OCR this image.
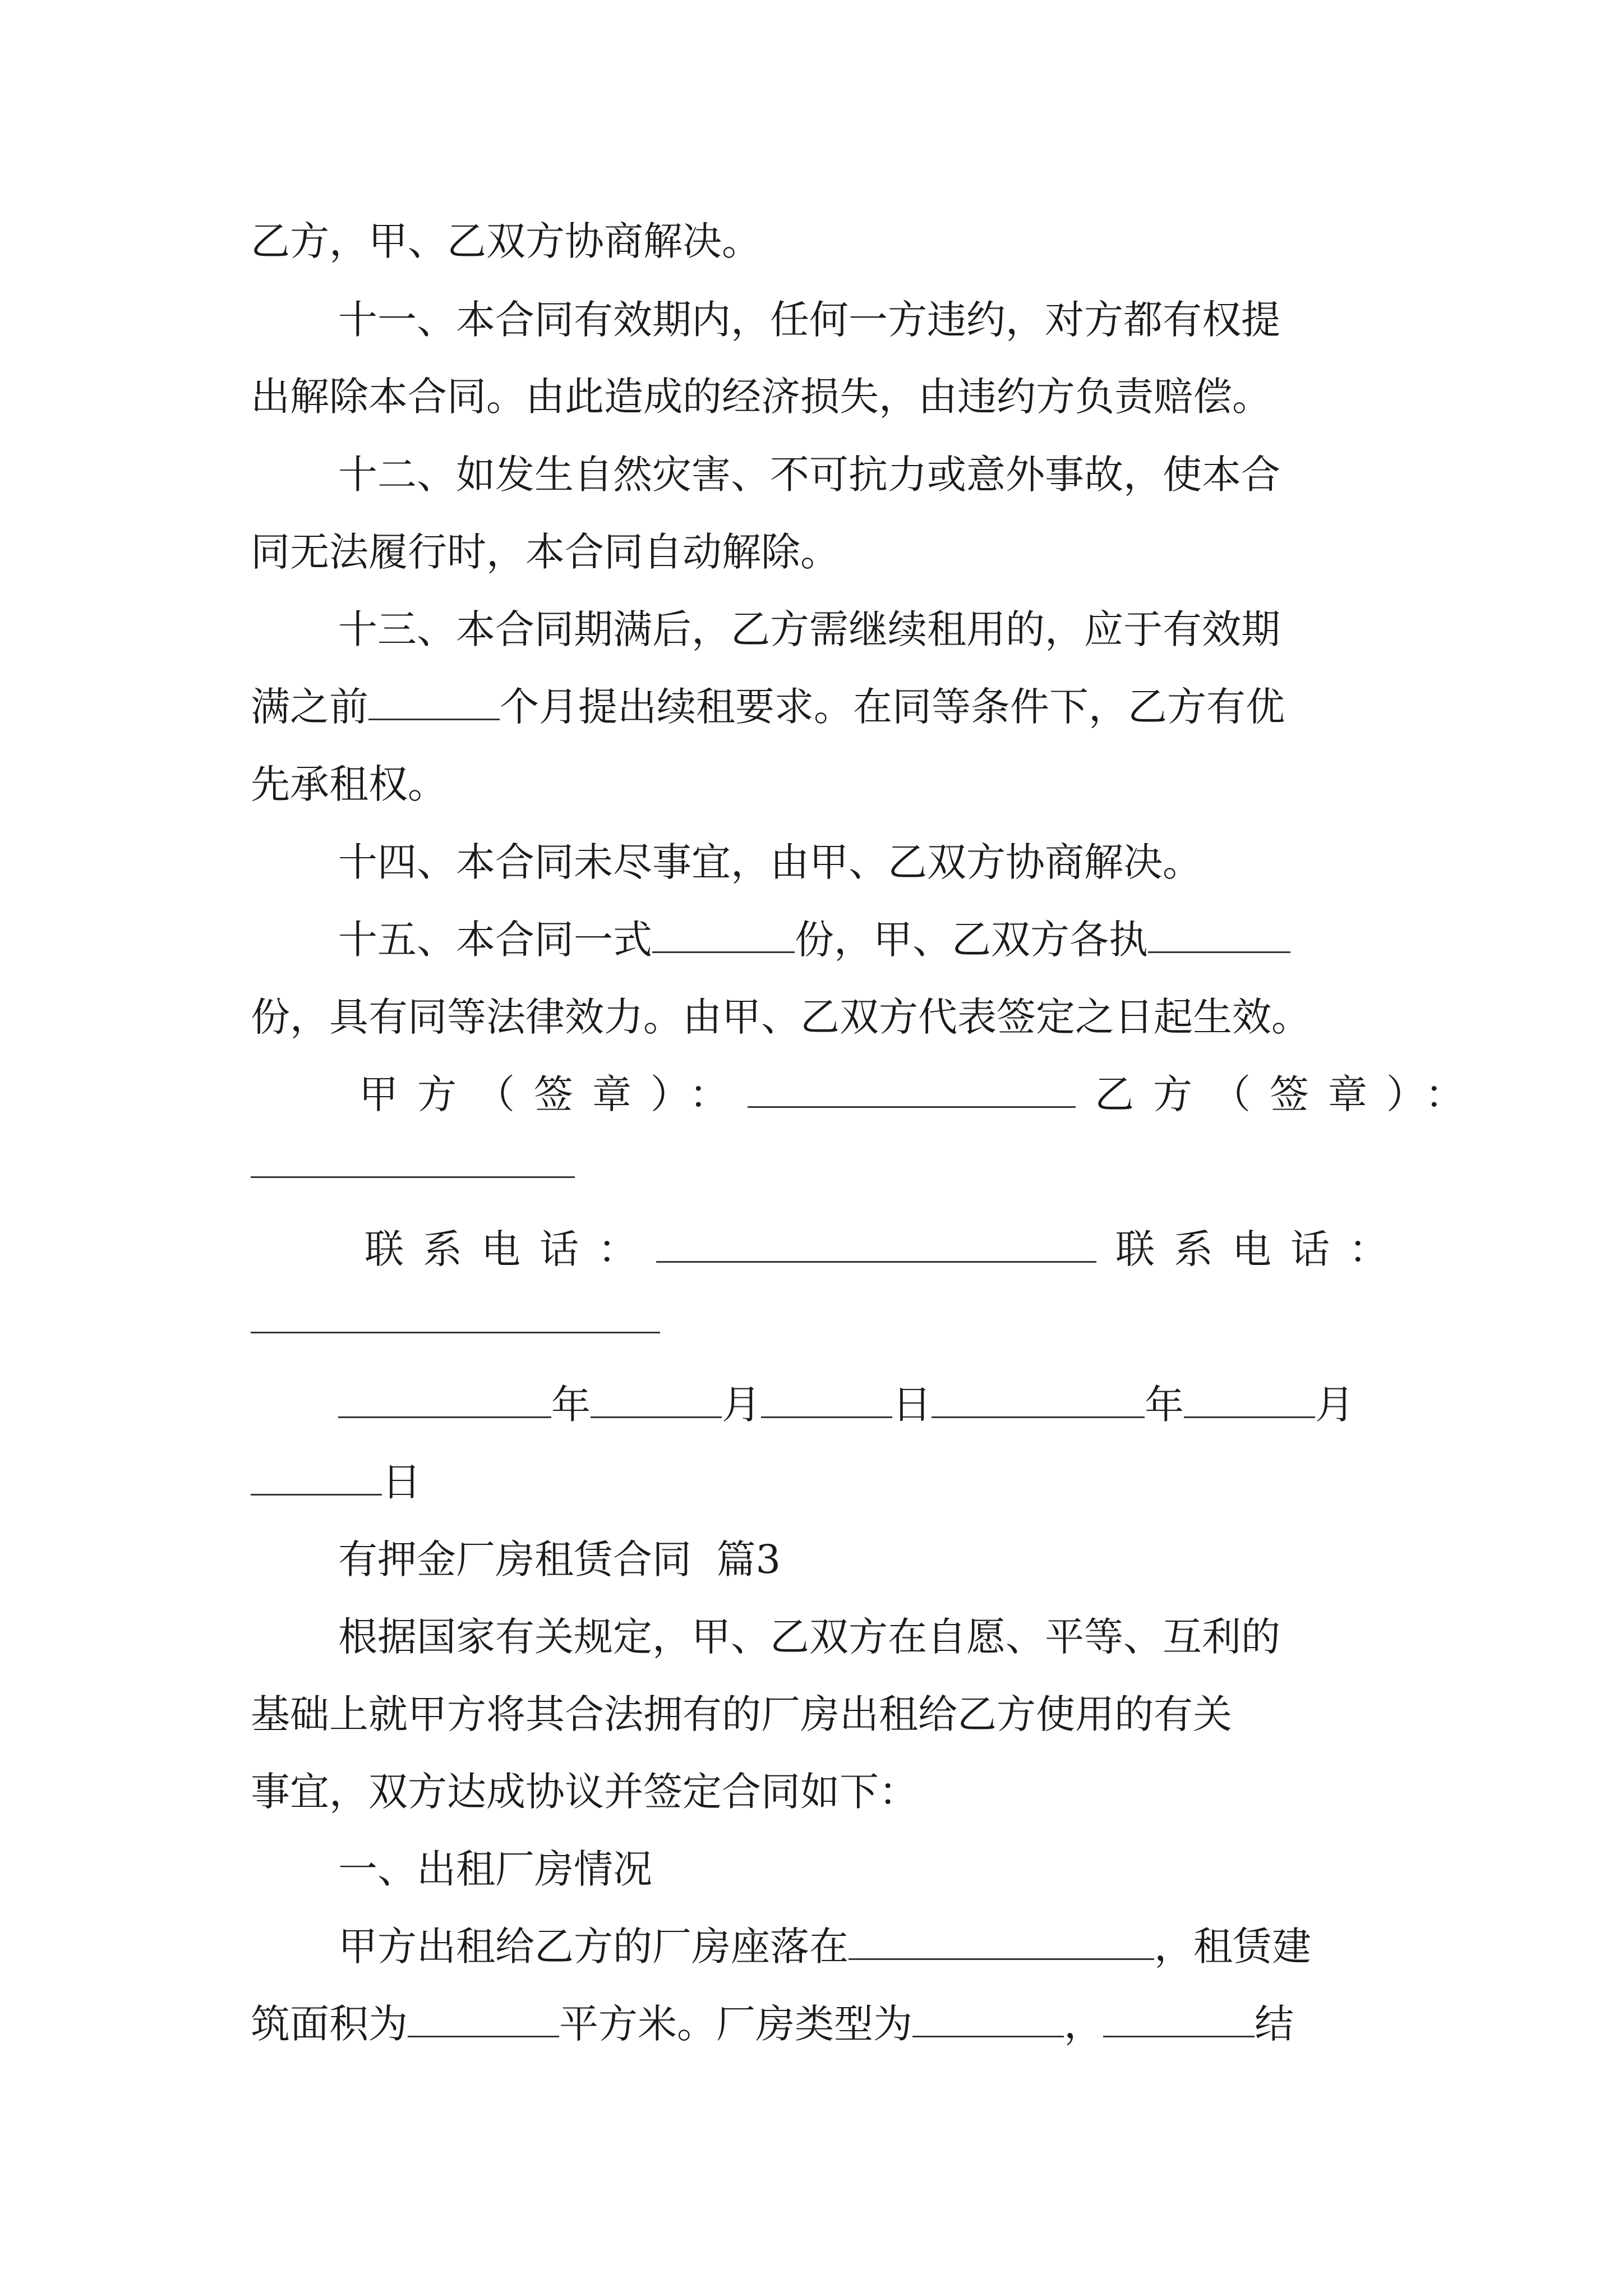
乙方，甲、乙双方协商解决。
十一、本合同有效期内，任何一方违约，对方都有权提
出解除本合同。由此造成的经济损失，由违约方负责赔偿。
十二、如发生自然灾害、不可抗力或意外事故，使本合
同无法履行时，本合同自动解除。
十三、本合同期满后，乙方需继续租用的，应于有效期
满之前	个月提出续租要求。在同等条件下，乙方有优
先承租权。
十四、本合同未尽事宜，由甲、乙双方协商解决。
十五、本合同一式	份，甲、乙双方各执
份，具有同等法律效力。由甲、乙双方代表签定之日起生效。
甲方（签章）：	乙方（签章）：
联系电话：	联系电话：
年	月	日	年	月
日
有押金厂房租赁合同  篇3
根据国家有关规定，甲、乙双方在自愿、平等、互利的
基础上就甲方将其合法拥有的厂房出租给乙方使用的有关
事宜，双方达成协议并签定合同如下：
一、出租厂房情况
甲方出租给乙方的厂房座落在	，租赁建
筑面积为	平方米。厂房类型为	，	结
